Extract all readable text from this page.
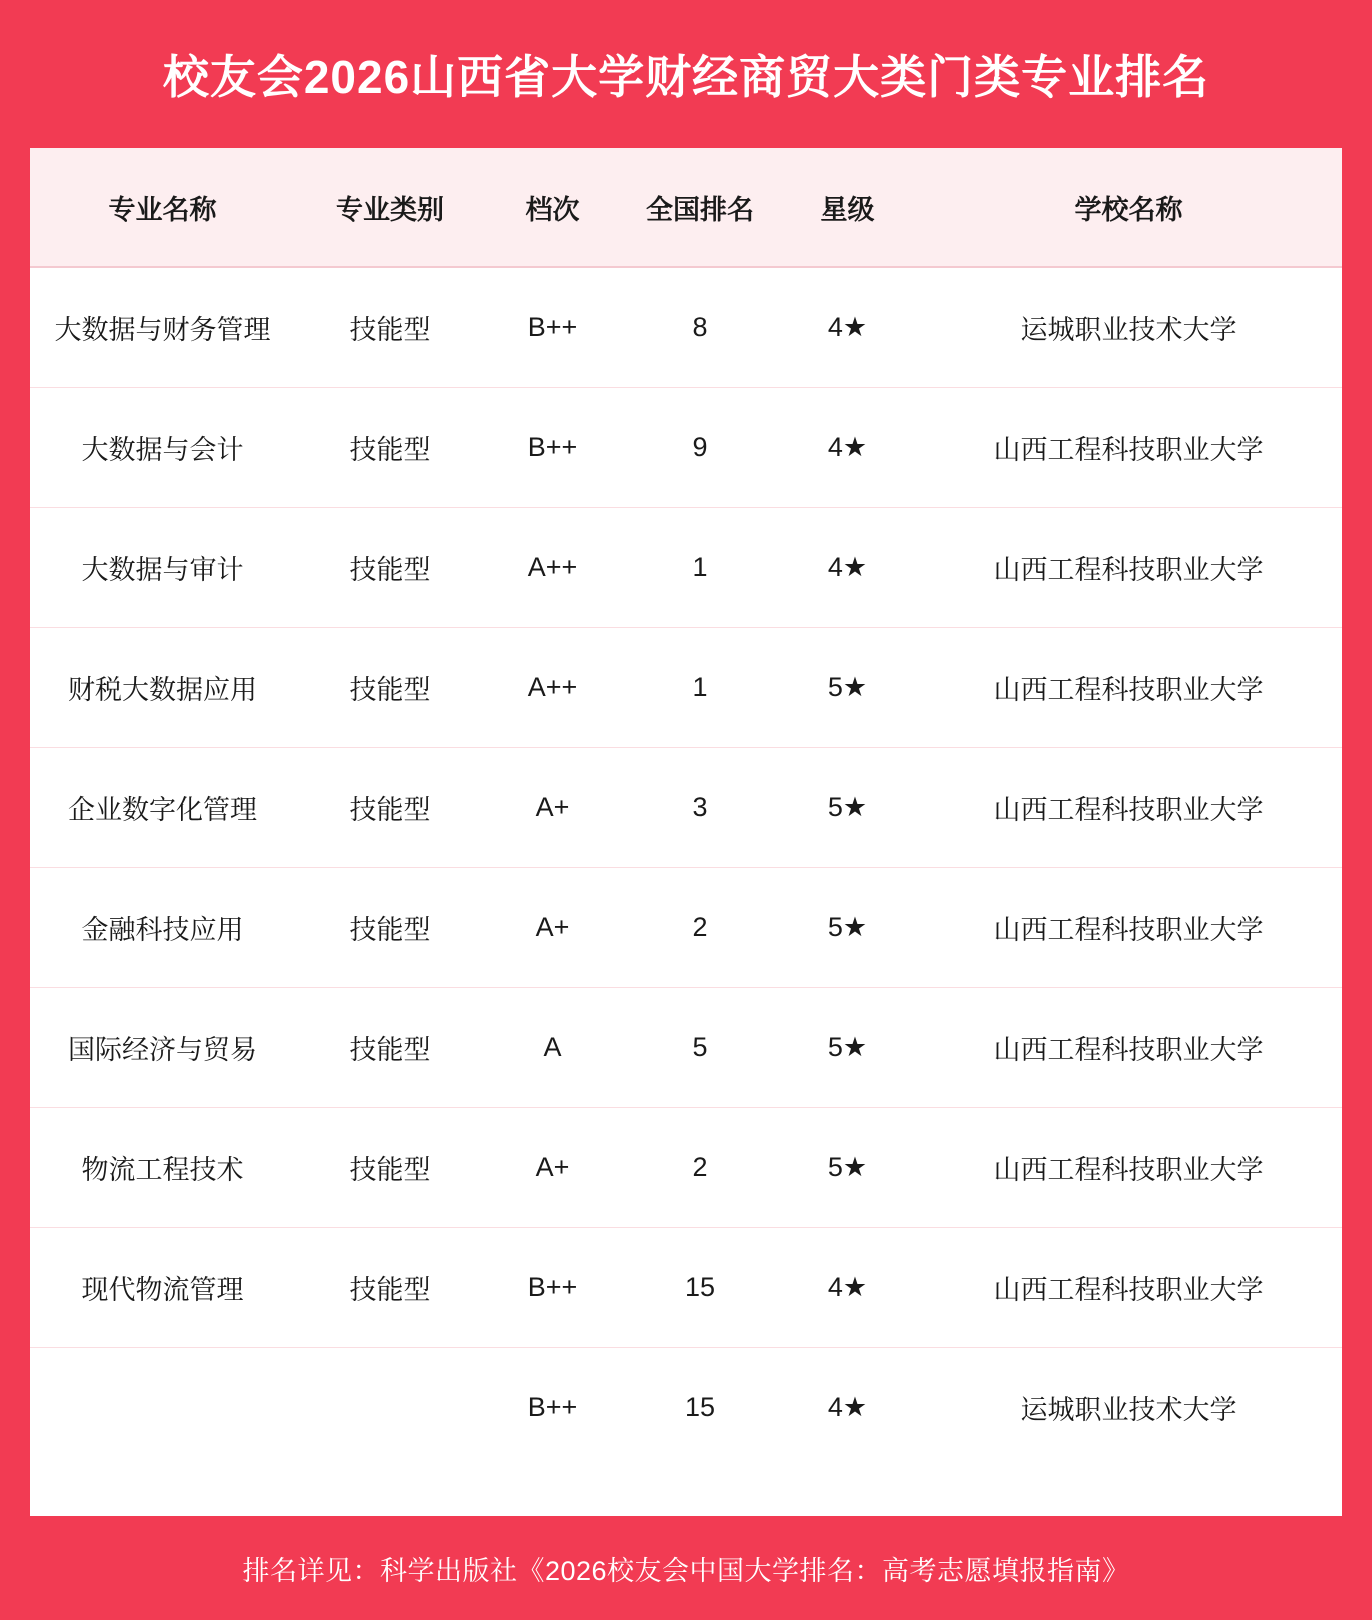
校友会2026山西省大学财经商贸大类门类专业排名
专业名称	专业类别	档次	全国排名	星级	学校名称
大数据与财务管理	技能型	B++	8	4★	运城职业技术大学
大数据与会计	技能型	B++	9	4★	山西工程科技职业大学
大数据与审计	技能型	A++	1	4★	山西工程科技职业大学
财税大数据应用	技能型	A++	1	5★	山西工程科技职业大学
企业数字化管理	技能型	A+	3	5★	山西工程科技职业大学
金融科技应用	技能型	A+	2	5★	山西工程科技职业大学
国际经济与贸易	技能型	A	5	5★	山西工程科技职业大学
物流工程技术	技能型	A+	2	5★	山西工程科技职业大学
现代物流管理	技能型	B++	15	4★	山西工程科技职业大学
		B++	15	4★	运城职业技术大学
排名详见：科学出版社《2026校友会中国大学排名：高考志愿填报指南》
